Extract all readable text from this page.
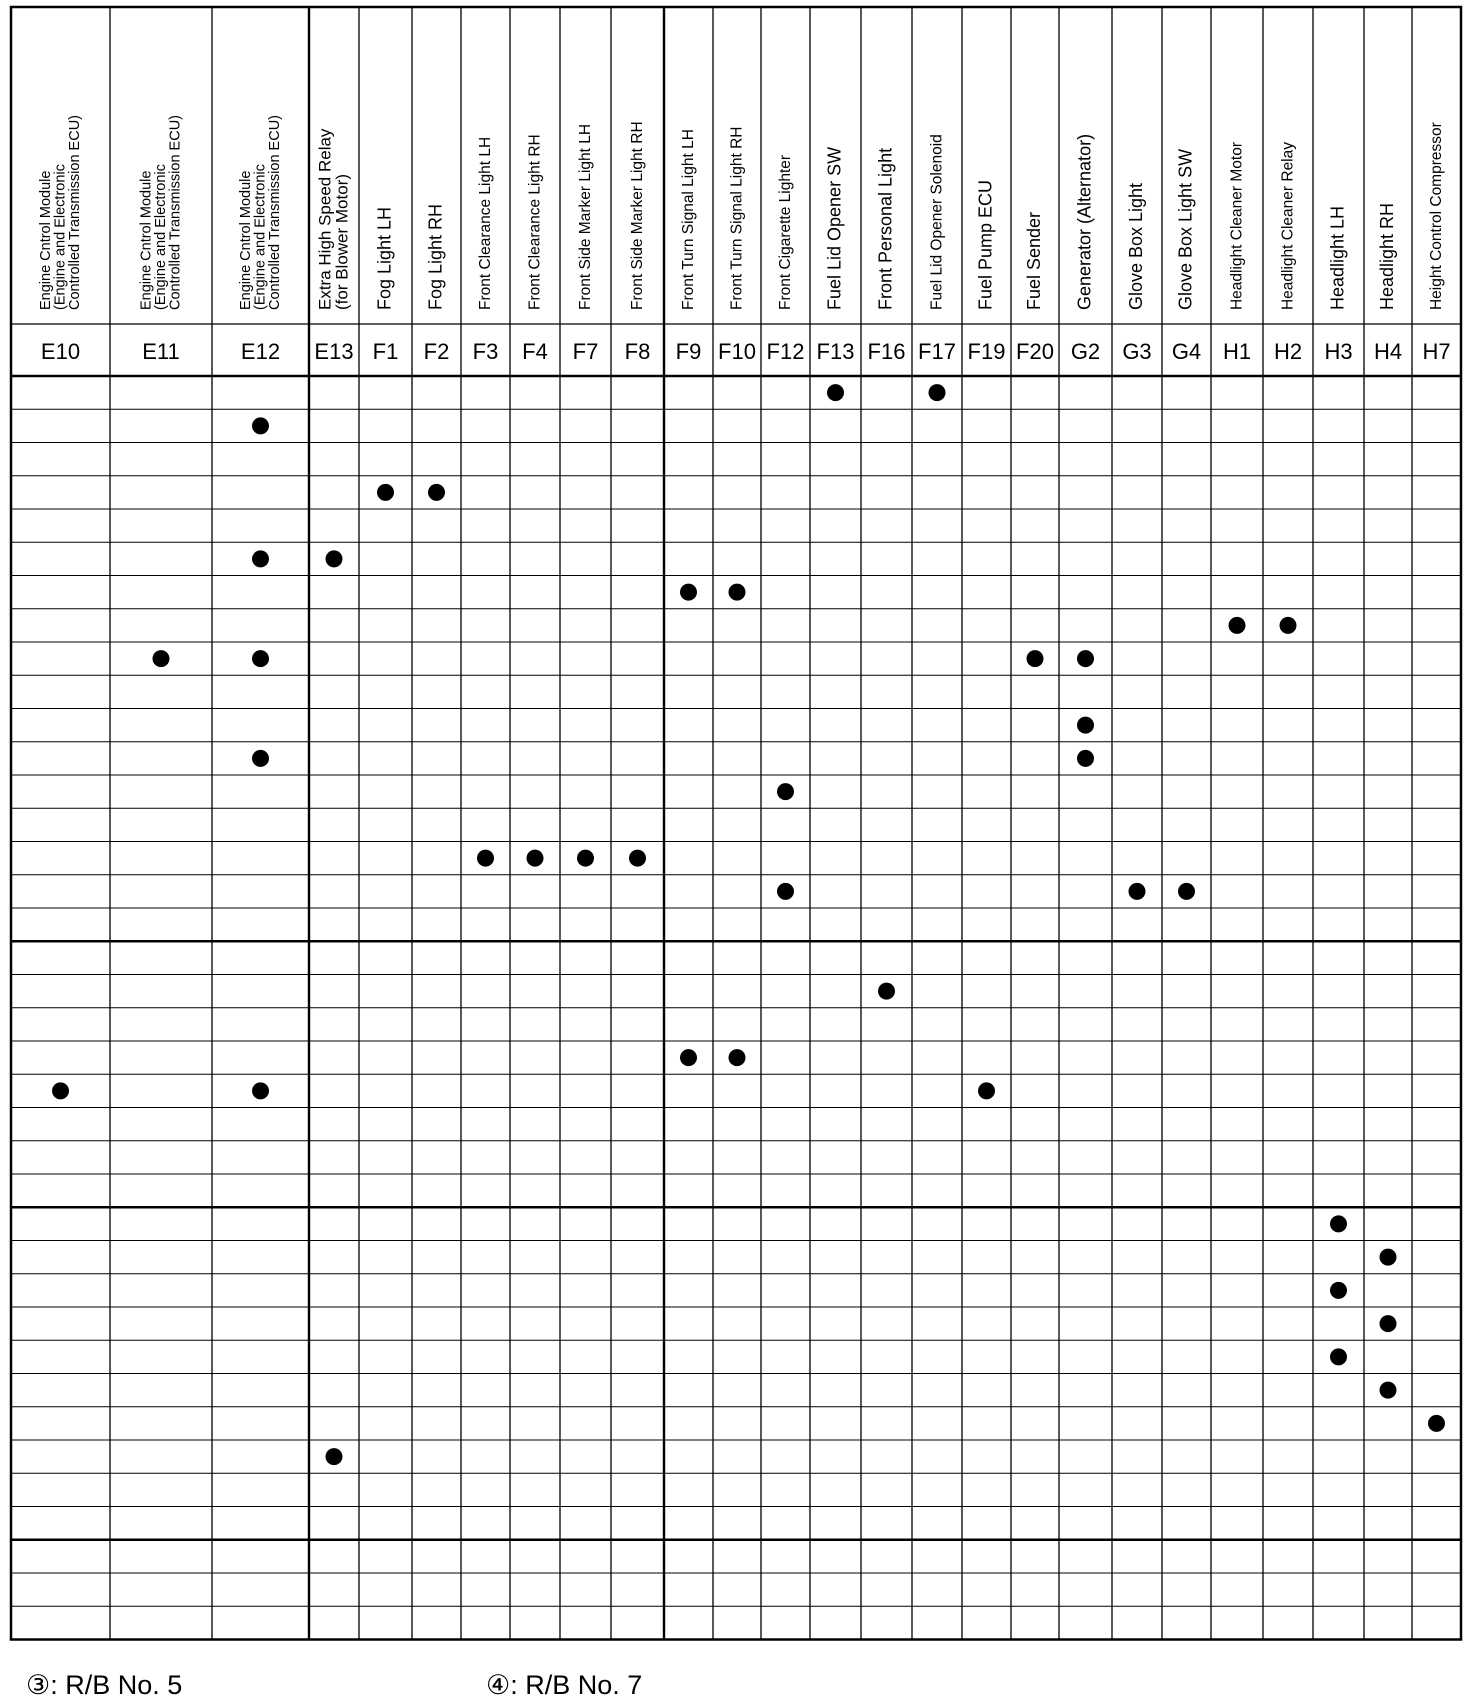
Engine Cntrol Module
(Engine and Electronic
Controlled Transmission ECU)
E10
Engine Cntrol Module
(Engine and Electronic
Controlled Transmission ECU)
E11
Engine Cntrol Module
(Engine and Electronic
Controlled Transmission ECU)
E12
Extra High Speed Relay
(for Blower Motor)
E13
Fog Light LH
F1
Fog Light RH
F2
Front Clearance Light LH
F3
Front Clearance Light RH
F4
Front Side Marker Light LH
F7
Front Side Marker Light RH
F8
Front Turn Signal Light LH
F9
Front Turn Signal Light RH
F10
Front Cigarette Lighter
F12
Fuel Lid Opener SW
F13
Front Personal Light
F16
Fuel Lid Opener Solenoid
F17
Fuel Pump ECU
F19
Fuel Sender
F20
Generator (Alternator)
G2
Glove Box Light
G3
Glove Box Light SW
G4
Headlight Cleaner Motor
H1
Headlight Cleaner Relay
H2
Headlight LH
H3
Headlight RH
H4
Height Control Compressor
H7
③: R/B No. 5	④: R/B No. 7
